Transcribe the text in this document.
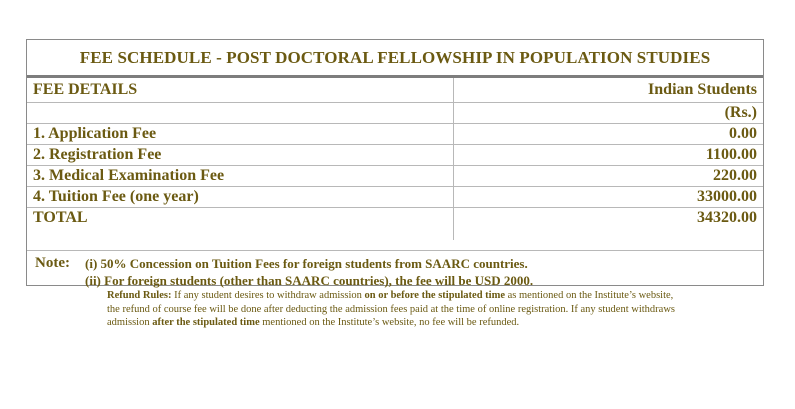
FEE SCHEDULE - POST DOCTORAL FELLOWSHIP IN POPULATION STUDIES
FEE DETAILS	Indian Students
	(Rs.)
1. Application Fee	0.00
2. Registration Fee	1100.00
3. Medical Examination Fee	220.00
4. Tuition Fee (one year)	33000.00
TOTAL	34320.00
Note: (i) 50% Concession on Tuition Fees for foreign students from SAARC countries.
(ii) For foreign students (other than SAARC countries), the fee will be USD 2000.
Refund Rules: If any student desires to withdraw admission on or before the stipulated time as mentioned on the Institute’s website, the refund of course fee will be done after deducting the admission fees paid at the time of online registration. If any student withdraws admission after the stipulated time mentioned on the Institute’s website, no fee will be refunded.
